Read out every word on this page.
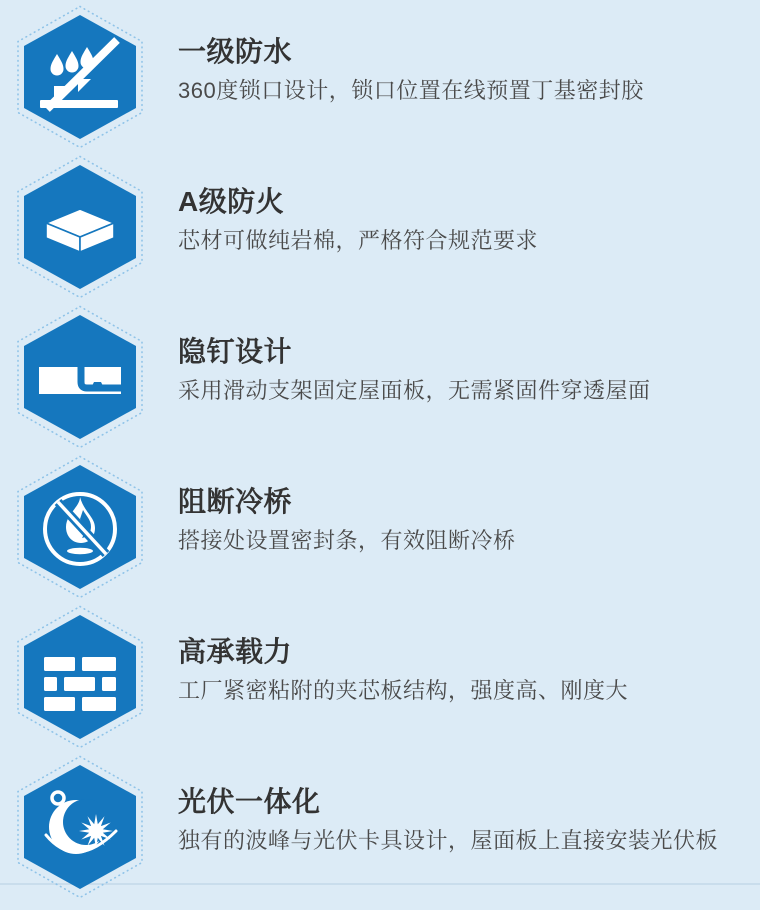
一级防水
360度锁口设计，锁口位置在线预置丁基密封胶
A级防火
芯材可做纯岩棉，严格符合规范要求
隐钉设计
采用滑动支架固定屋面板，无需紧固件穿透屋面
阻断冷桥
搭接处设置密封条，有效阻断冷桥
高承载力
工厂紧密粘附的夹芯板结构，强度高、刚度大
光伏一体化
独有的波峰与光伏卡具设计，屋面板上直接安装光伏板
